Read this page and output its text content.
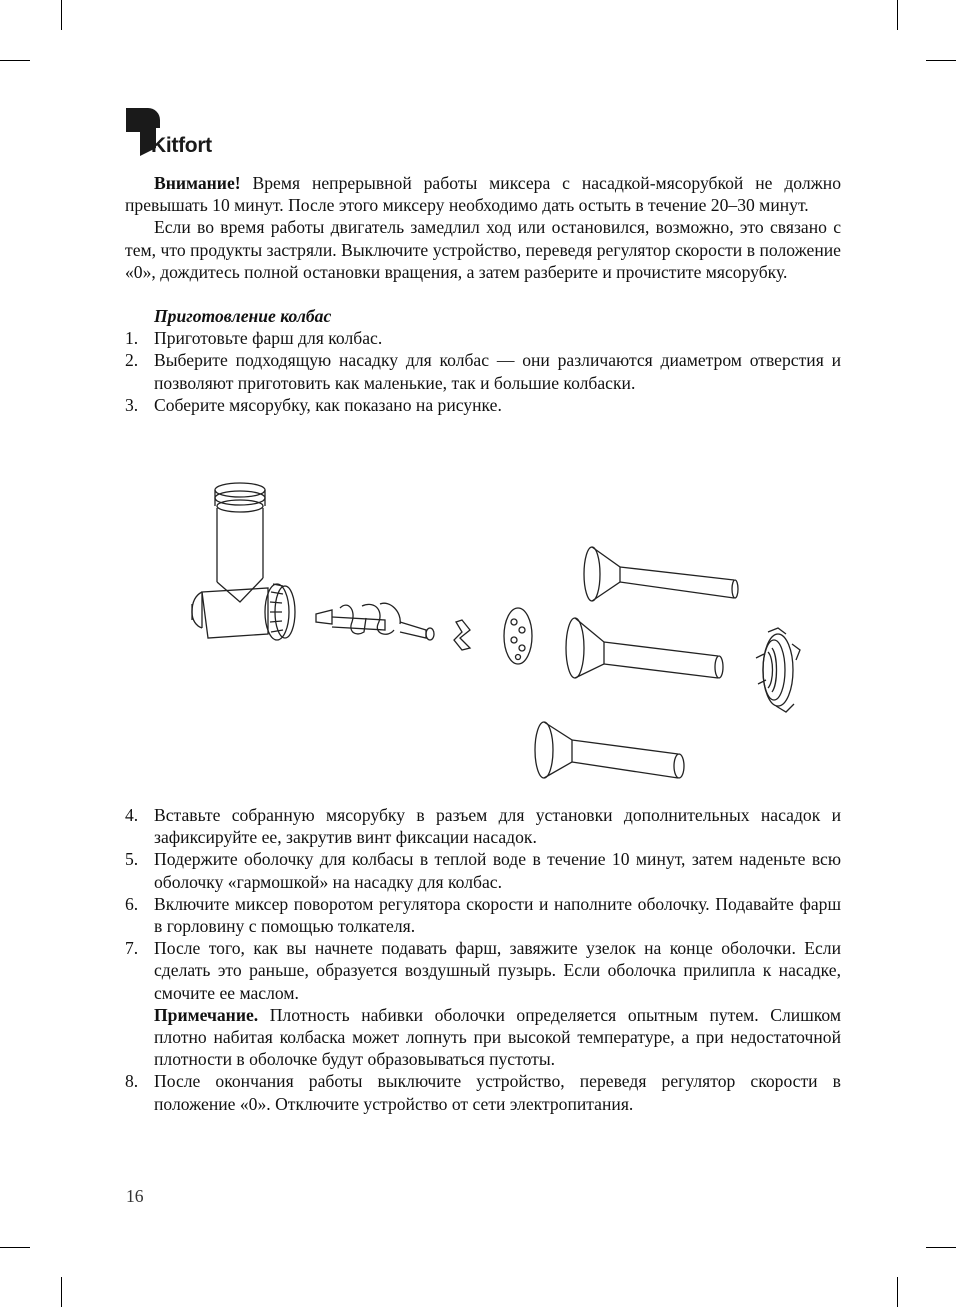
Kitfort

Внимание! Время непрерывной работы миксера с насадкой-мясорубкой не должно превышать 10 минут. После этого миксеру необходимо дать остыть в течение 20–30 минут.

Если во время работы двигатель замедлил ход или остановился, возможно, это связано с тем, что продукты застряли. Выключите устройство, переведя регулятор скорости в положение «0», дождитесь полной остановки вращения, а затем разберите и прочистите мясорубку.

Приготовление колбас
1. Приготовьте фарш для колбас.
2. Выберите подходящую насадку для колбас — они различаются диаметром отверстия и позволяют приготовить как маленькие, так и большие колбаски.
3. Соберите мясорубку, как показано на рисунке.
4. Вставьте собранную мясорубку в разъем для установки дополнительных насадок и зафиксируйте ее, закрутив винт фиксации насадок.
5. Подержите оболочку для колбасы в теплой воде в течение 10 минут, затем наденьте всю оболочку «гармошкой» на насадку для колбас.
6. Включите миксер поворотом регулятора скорости и наполните оболочку. Подавайте фарш в горловину с помощью толкателя.
7. После того, как вы начнете подавать фарш, завяжите узелок на конце оболочки. Если сделать это раньше, образуется воздушный пузырь. Если оболочка прилипла к насадке, смочите ее маслом.
Примечание. Плотность набивки оболочки определяется опытным путем. Слишком плотно набитая колбаска может лопнуть при высокой температуре, а при недостаточной плотности в оболочке будут образовываться пустоты.
8. После окончания работы выключите устройство, переведя регулятор скорости в положение «0». Отключите устройство от сети электропитания.
16
